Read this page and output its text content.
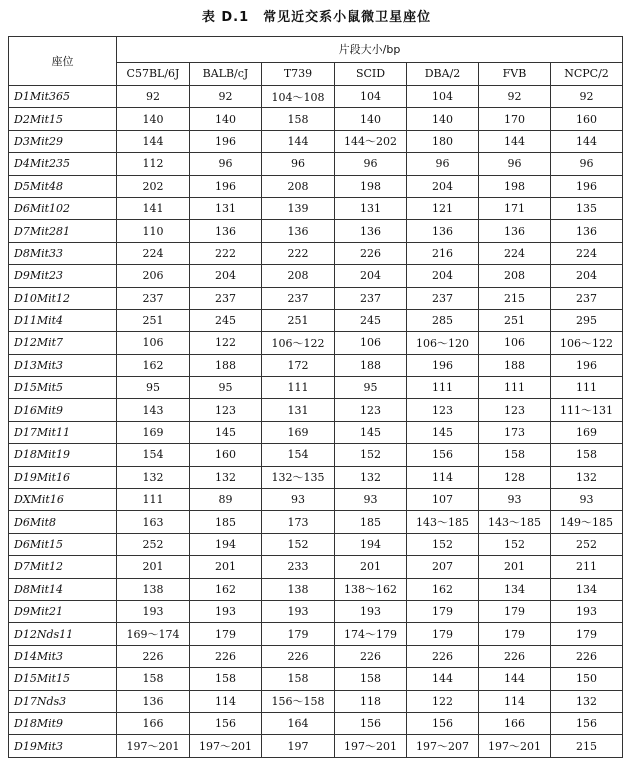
表 D.1　常见近交系小鼠微卫星座位
座位	片段大小/bp						
	C57BL/6J	BALB/cJ	T739	SCID	DBA/2	FVB	NCPC/2
D1Mit365	92	92	104～108	104	104	92	92
D2Mit15	140	140	158	140	140	170	160
D3Mit29	144	196	144	144～202	180	144	144
D4Mit235	112	96	96	96	96	96	96
D5Mit48	202	196	208	198	204	198	196
D6Mit102	141	131	139	131	121	171	135
D7Mit281	110	136	136	136	136	136	136
D8Mit33	224	222	222	226	216	224	224
D9Mit23	206	204	208	204	204	208	204
D10Mit12	237	237	237	237	237	215	237
D11Mit4	251	245	251	245	285	251	295
D12Mit7	106	122	106～122	106	106～120	106	106～122
D13Mit3	162	188	172	188	196	188	196
D15Mit5	95	95	111	95	111	111	111
D16Mit9	143	123	131	123	123	123	111～131
D17Mit11	169	145	169	145	145	173	169
D18Mit19	154	160	154	152	156	158	158
D19Mit16	132	132	132～135	132	114	128	132
DXMit16	111	89	93	93	107	93	93
D6Mit8	163	185	173	185	143～185	143～185	149～185
D6Mit15	252	194	152	194	152	152	252
D7Mit12	201	201	233	201	207	201	211
D8Mit14	138	162	138	138～162	162	134	134
D9Mit21	193	193	193	193	179	179	193
D12Nds11	169～174	179	179	174～179	179	179	179
D14Mit3	226	226	226	226	226	226	226
D15Mit15	158	158	158	158	144	144	150
D17Nds3	136	114	156～158	118	122	114	132
D18Mit9	166	156	164	156	156	166	156
D19Mit3	197～201	197～201	197	197～201	197～207	197～201	215
